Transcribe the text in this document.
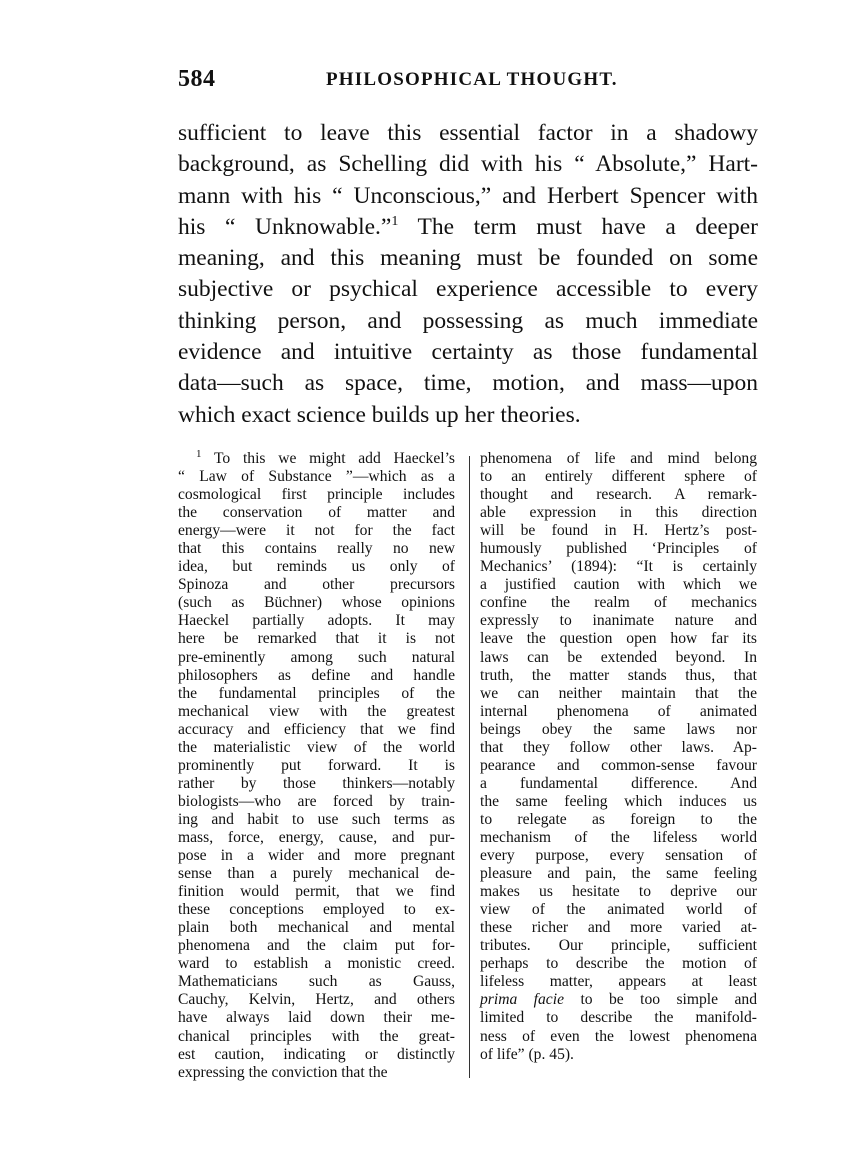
584	PHILOSOPHICAL THOUGHT.
sufficient to leave this essential factor in a shadowy
background, as Schelling did with his “ Absolute,” Hart-
mann with his “ Unconscious,” and Herbert Spencer with
his “ Unknowable.”$^1$ The term must have a deeper
meaning, and this meaning must be founded on some
subjective or psychical experience accessible to every
thinking person, and possessing as much immediate
evidence and intuitive certainty as those fundamental
data—such as space, time, motion, and mass—upon
which exact science builds up her theories.
$^1$ To this we might add Haeckel’s
“ Law of Substance ”—which as a
cosmological first principle includes
the conservation of matter and
energy—were it not for the fact
that this contains really no new
idea, but reminds us only of
Spinoza and other precursors
(such as Büchner) whose opinions
Haeckel partially adopts. It may
here be remarked that it is not
pre-eminently among such natural
philosophers as define and handle
the fundamental principles of the
mechanical view with the greatest
accuracy and efficiency that we find
the materialistic view of the world
prominently put forward. It is
rather by those thinkers—notably
biologists—who are forced by train-
ing and habit to use such terms as
mass, force, energy, cause, and pur-
pose in a wider and more pregnant
sense than a purely mechanical de-
finition would permit, that we find
these conceptions employed to ex-
plain both mechanical and mental
phenomena and the claim put for-
ward to establish a monistic creed.
Mathematicians such as Gauss,
Cauchy, Kelvin, Hertz, and others
have always laid down their me-
chanical principles with the great-
est caution, indicating or distinctly
expressing the conviction that the
phenomena of life and mind belong
to an entirely different sphere of
thought and research. A remark-
able expression in this direction
will be found in H. Hertz’s post-
humously published ‘Principles of
Mechanics’ (1894): “It is certainly
a justified caution with which we
confine the realm of mechanics
expressly to inanimate nature and
leave the question open how far its
laws can be extended beyond. In
truth, the matter stands thus, that
we can neither maintain that the
internal phenomena of animated
beings obey the same laws nor
that they follow other laws. Ap-
pearance and common-sense favour
a fundamental difference. And
the same feeling which induces us
to relegate as foreign to the
mechanism of the lifeless world
every purpose, every sensation of
pleasure and pain, the same feeling
makes us hesitate to deprive our
view of the animated world of
these richer and more varied at-
tributes. Our principle, sufficient
perhaps to describe the motion of
lifeless matter, appears at least
prima facie to be too simple and
limited to describe the manifold-
ness of even the lowest phenomena
of life” (p. 45).
